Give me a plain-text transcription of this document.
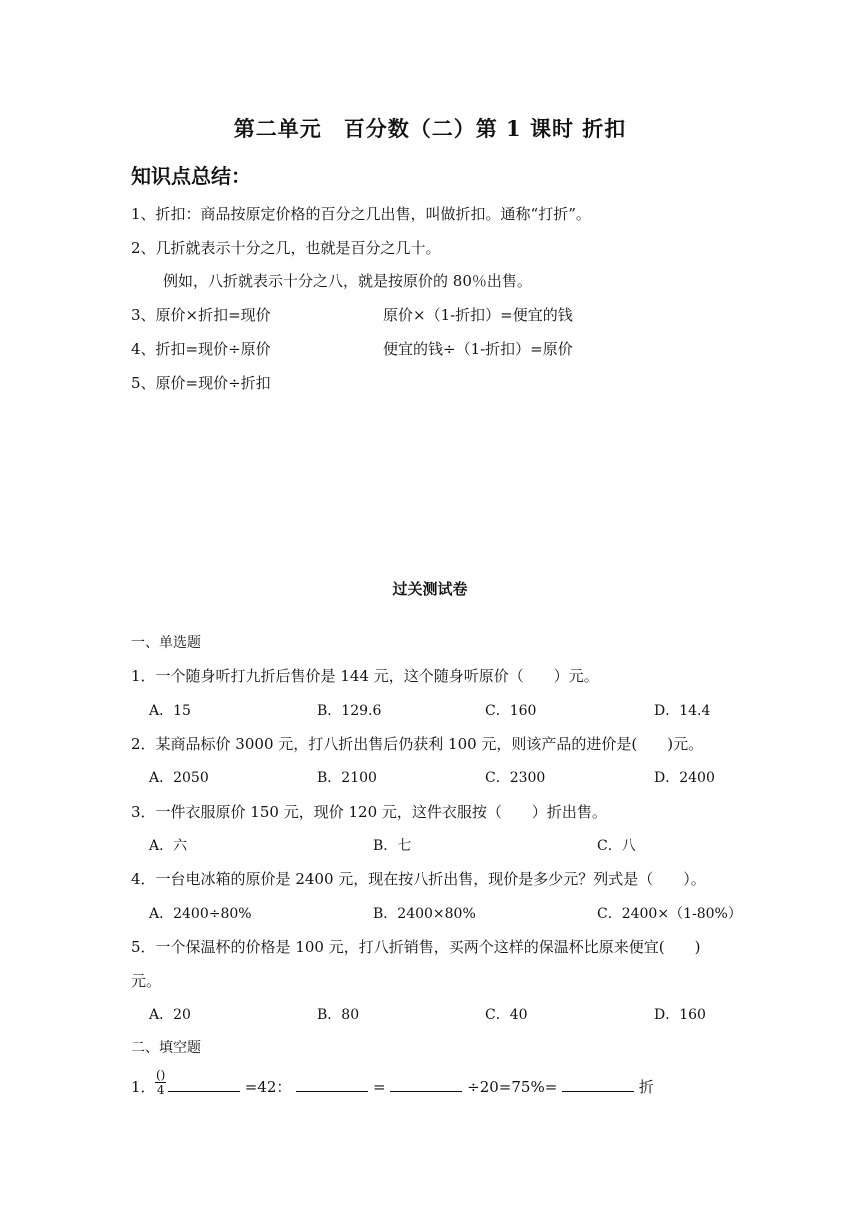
第二单元　百分数（二）第 1 课时 折扣
知识点总结：
1、折扣：商品按原定价格的百分之几出售，叫做折扣。通称“打折”。
2、几折就表示十分之几，也就是百分之几十。
例如，八折就表示十分之八，就是按原价的 80％出售。
3、原价×折扣=现价	原价×（1-折扣）=便宜的钱
4、折扣=现价÷原价	便宜的钱÷（1-折扣）=原价
5、原价=现价÷折扣
过关测试卷
一、单选题
1．一个随身听打九折后售价是 144 元，这个随身听原价（　　）元。
A．15	B．129.6	C．160	D．14.4
2．某商品标价 3000 元，打八折出售后仍获利 100 元，则该产品的进价是(　　)元。
A．2050	B．2100	C．2300	D．2400
3．一件衣服原价 150 元，现价 120 元，这件衣服按（　　）折出售。
A．六	B．七	C．八
4．一台电冰箱的原价是 2400 元，现在按八折出售，现价是多少元？列式是（　　）。
A．2400÷80%	B．2400×80%	C．2400×（1-80%）
5．一个保温杯的价格是 100 元，打八折销售，买两个这样的保温杯比原来便宜(　　)
元。
A．20	B．80	C．40	D．160
二、填空题
1．
()
4	=42：	=	÷20=75%=	折
